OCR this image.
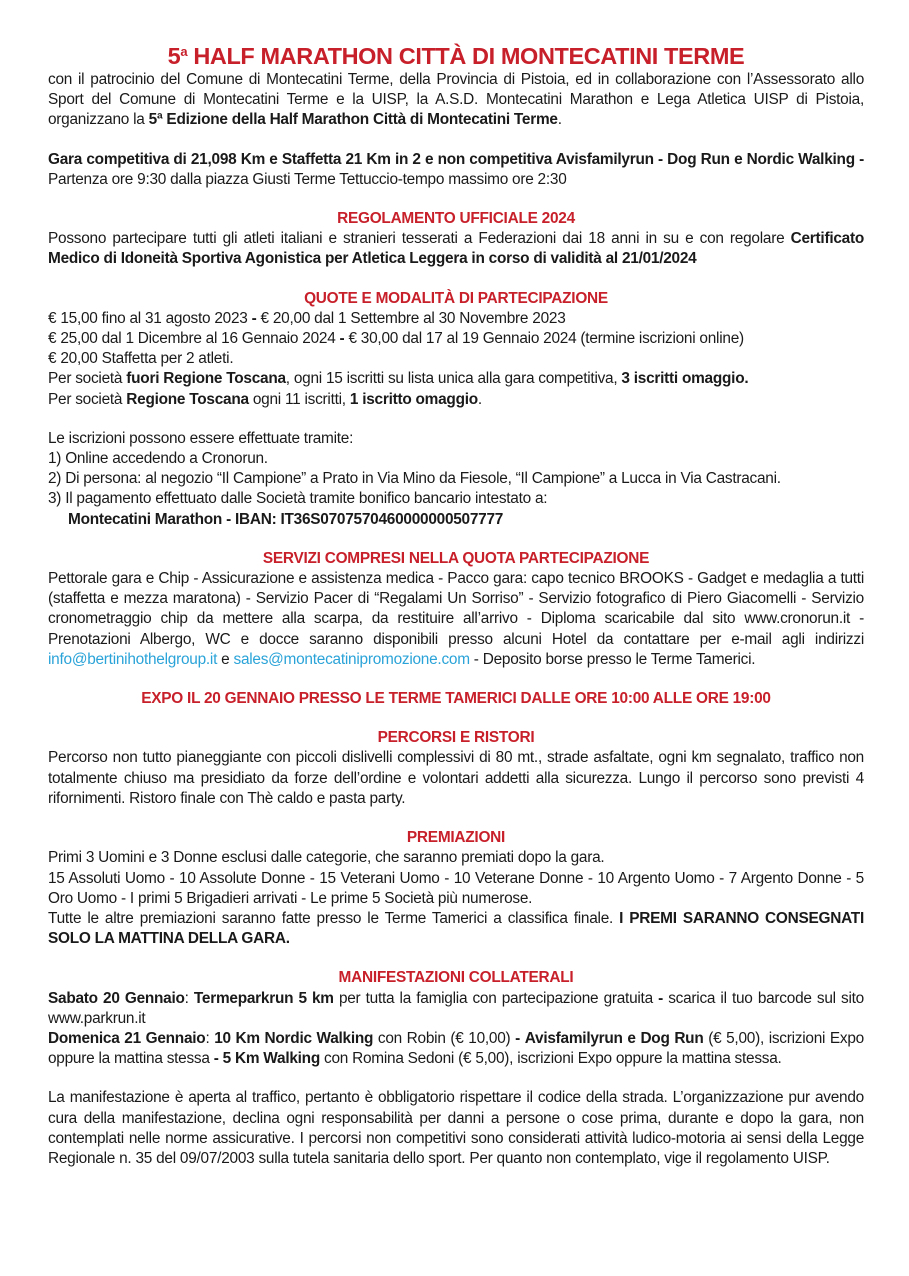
5$^a$ HALF MARATHON CITTÀ DI MONTECATINI TERME

con il patrocinio del Comune di Montecatini Terme, della Provincia di Pistoia, ed in collaborazione con l’Assessorato allo Sport del Comune di Montecatini Terme e la UISP, la A.S.D. Montecatini Marathon e Lega Atletica UISP di Pistoia, organizzano la 5ª Edizione della Half Marathon Città di Montecatini Terme.

Gara competitiva di 21,098 Km e Staffetta 21 Km in 2 e non competitiva Avisfamilyrun - Dog Run e Nordic Walking - Partenza ore 9:30 dalla piazza Giusti Terme Tettuccio-tempo massimo ore 2:30

REGOLAMENTO UFFICIALE 2024

Possono partecipare tutti gli atleti italiani e stranieri tesserati a Federazioni dai 18 anni in su e con regolare Certificato Medico di Idoneità Sportiva Agonistica per Atletica Leggera in corso di validità al 21/01/2024

QUOTE E MODALITÀ DI PARTECIPAZIONE

€ 15,00 fino al 31 agosto 2023 - € 20,00 dal 1 Settembre al 30 Novembre 2023

€ 25,00 dal 1 Dicembre al 16 Gennaio 2024 - € 30,00 dal 17 al 19 Gennaio 2024 (termine iscrizioni online)

€ 20,00 Staffetta per 2 atleti.

Per società fuori Regione Toscana, ogni 15 iscritti su lista unica alla gara competitiva, 3 iscritti omaggio.

Per società Regione Toscana ogni 11 iscritti, 1 iscritto omaggio.

Le iscrizioni possono essere effettuate tramite:

1) Online accedendo a Cronorun.

2) Di persona: al negozio “Il Campione” a Prato in Via Mino da Fiesole, “Il Campione” a Lucca in Via Castracani.

3) Il pagamento effettuato dalle Società tramite bonifico bancario intestato a:

Montecatini Marathon - IBAN: IT36S0707570460000000507777

SERVIZI COMPRESI NELLA QUOTA PARTECIPAZIONE

Pettorale gara e Chip - Assicurazione e assistenza medica - Pacco gara: capo tecnico BROOKS - Gadget e medaglia a tutti (staffetta e mezza maratona) - Servizio Pacer di “Regalami Un Sorriso” - Servizio fotografico di Piero Giacomelli - Servizio cronometraggio chip da mettere alla scarpa, da restituire all’arrivo - Diploma scaricabile dal sito www.cronorun.it - Prenotazioni Albergo, WC e docce saranno disponibili presso alcuni Hotel da contattare per e-mail agli indirizzi info@bertinihothelgroup.it e sales@montecatinipromozione.com - Deposito borse presso le Terme Tamerici.

EXPO IL 20 GENNAIO PRESSO LE TERME TAMERICI DALLE ORE 10:00 ALLE ORE 19:00
PERCORSI E RISTORI

Percorso non tutto pianeggiante con piccoli dislivelli complessivi di 80 mt., strade asfaltate, ogni km segnalato, traffico non totalmente chiuso ma presidiato da forze dell’ordine e volontari addetti alla sicurezza. Lungo il percorso sono previsti 4 rifornimenti. Ristoro finale con Thè caldo e pasta party.

PREMIAZIONI

Primi 3 Uomini e 3 Donne esclusi dalle categorie, che saranno premiati dopo la gara.

15 Assoluti Uomo - 10 Assolute Donne - 15 Veterani Uomo - 10 Veterane Donne - 10 Argento Uomo - 7 Argento Donne - 5 Oro Uomo - I primi 5 Brigadieri arrivati - Le prime 5 Società più numerose.

Tutte le altre premiazioni saranno fatte presso le Terme Tamerici a classifica finale. I PREMI SARANNO CONSEGNATI SOLO LA MATTINA DELLA GARA.

MANIFESTAZIONI COLLATERALI

Sabato 20 Gennaio: Termeparkrun 5 km per tutta la famiglia con partecipazione gratuita - scarica il tuo barcode sul sito www.parkrun.it

Domenica 21 Gennaio: 10 Km Nordic Walking con Robin (€ 10,00) - Avisfamilyrun e Dog Run (€ 5,00), iscrizioni Expo oppure la mattina stessa - 5 Km Walking con Romina Sedoni (€ 5,00), iscrizioni Expo oppure la mattina stessa.

La manifestazione è aperta al traffico, pertanto è obbligatorio rispettare il codice della strada. L’organizzazione pur avendo cura della manifestazione, declina ogni responsabilità per danni a persone o cose prima, durante e dopo la gara, non contemplati nelle norme assicurative. I percorsi non competitivi sono considerati attività ludico-motoria ai sensi della Legge Regionale n. 35 del 09/07/2003 sulla tutela sanitaria dello sport. Per quanto non contemplato, vige il regolamento UISP.
